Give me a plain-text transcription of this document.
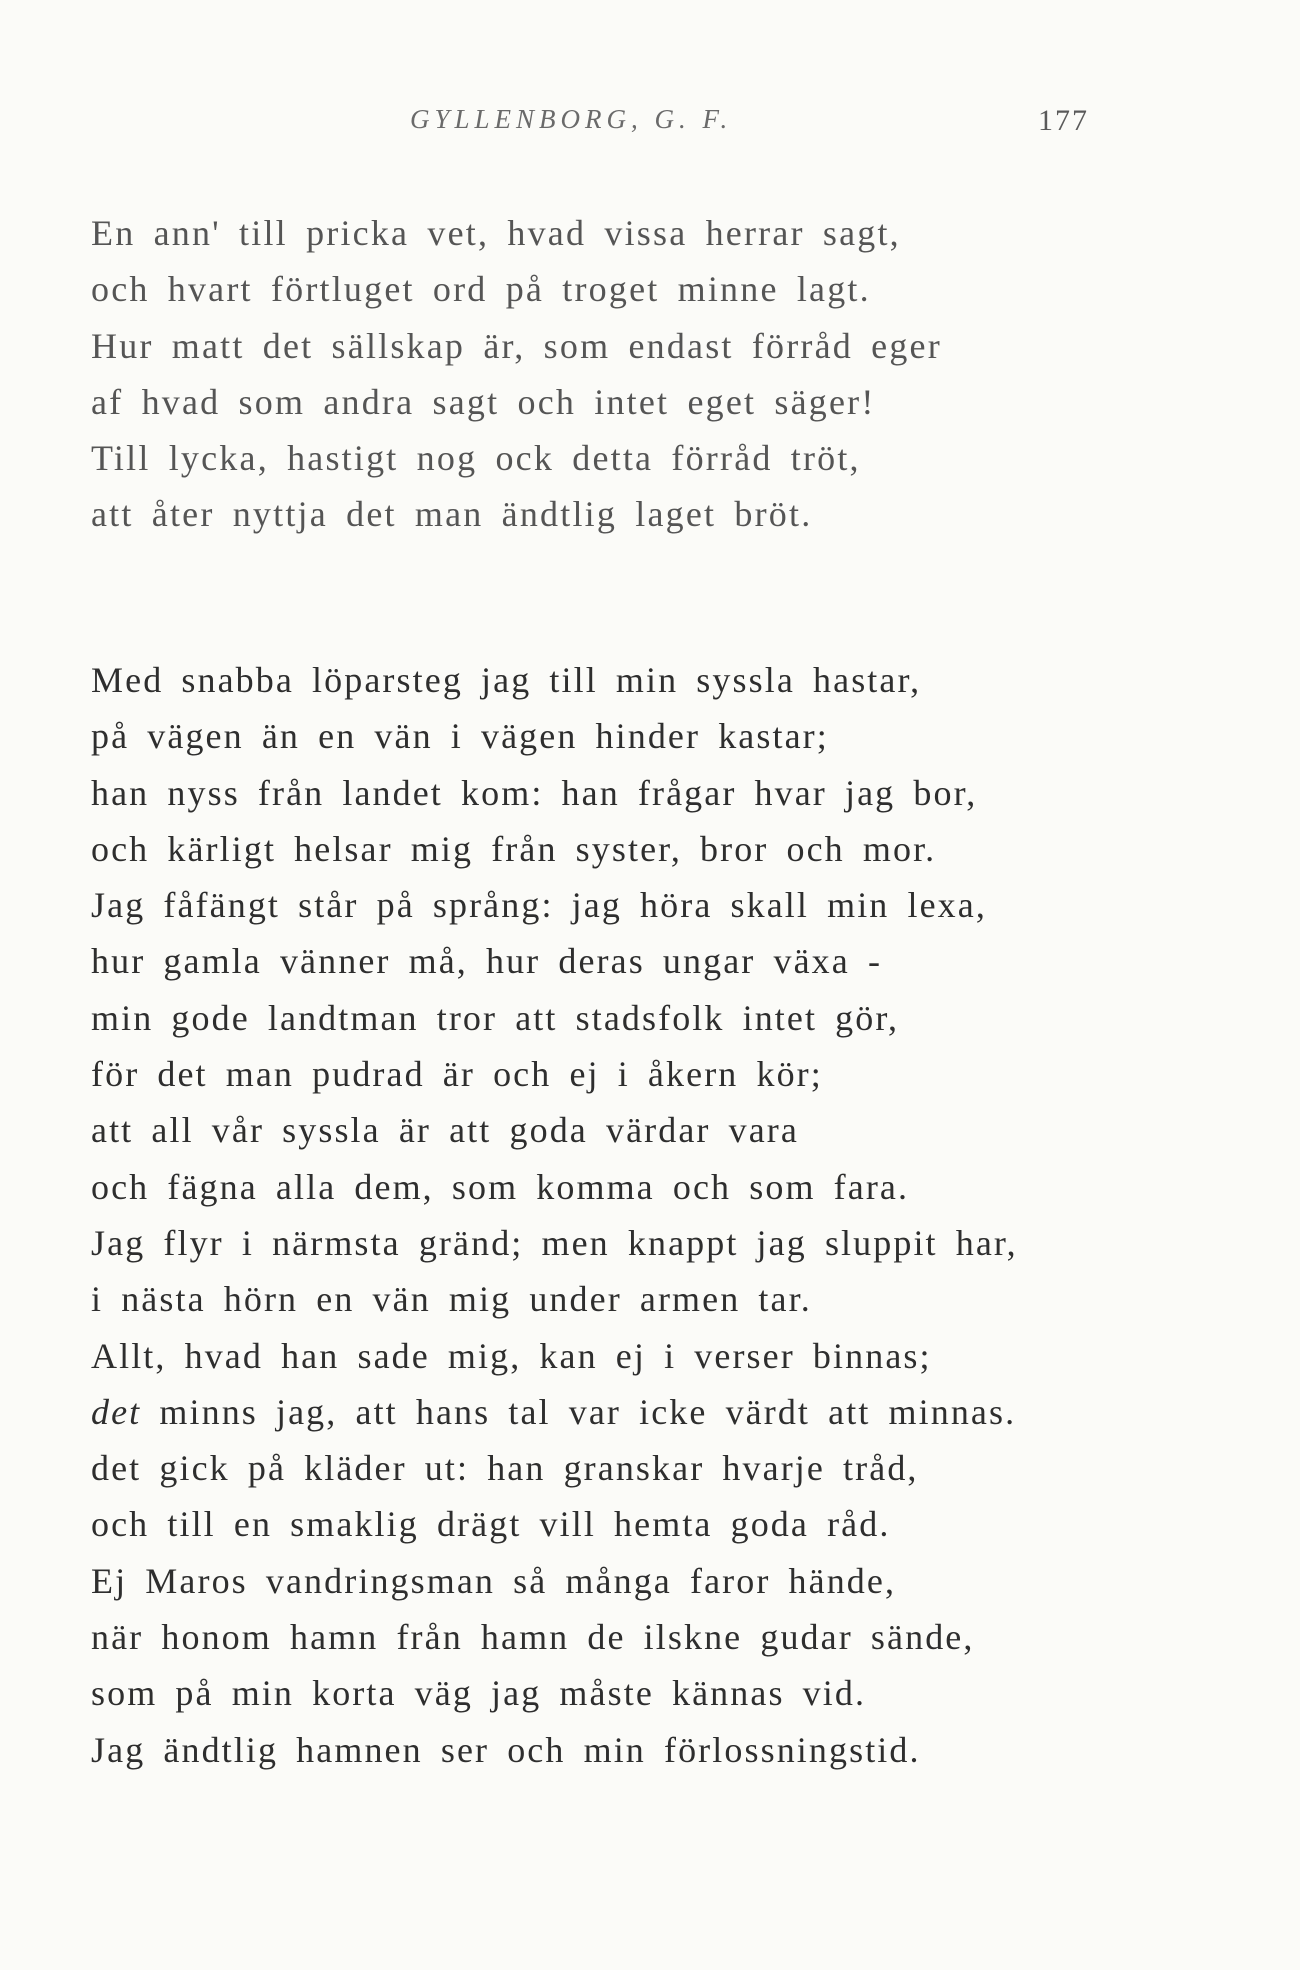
GYLLENBORG, G. F.	177
En ann' till pricka vet, hvad vissa herrar sagt,
och hvart förtluget ord på troget minne lagt.
Hur matt det sällskap är, som endast förråd eger
af hvad som andra sagt och intet eget säger!
Till lycka, hastigt nog ock detta förråd tröt,
att åter nyttja det man ändtlig laget bröt.
Med snabba löparsteg jag till min syssla hastar,
på vägen än en vän i vägen hinder kastar;
han nyss från landet kom: han frågar hvar jag bor,
och kärligt helsar mig från syster, bror och mor.
Jag fåfängt står på språng: jag höra skall min lexa,
hur gamla vänner må, hur deras ungar växa -
min gode landtman tror att stadsfolk intet gör,
för det man pudrad är och ej i åkern kör;
att all vår syssla är att goda värdar vara
och fägna alla dem, som komma och som fara.
Jag flyr i närmsta gränd; men knappt jag sluppit har,
i nästa hörn en vän mig under armen tar.
Allt, hvad han sade mig, kan ej i verser binnas;
det minns jag, att hans tal var icke värdt att minnas.
det gick på kläder ut: han granskar hvarje tråd,
och till en smaklig drägt vill hemta goda råd.
Ej Maros vandringsman så många faror hände,
när honom hamn från hamn de ilskne gudar sände,
som på min korta väg jag måste kännas vid.
Jag ändtlig hamnen ser och min förlossningstid.
